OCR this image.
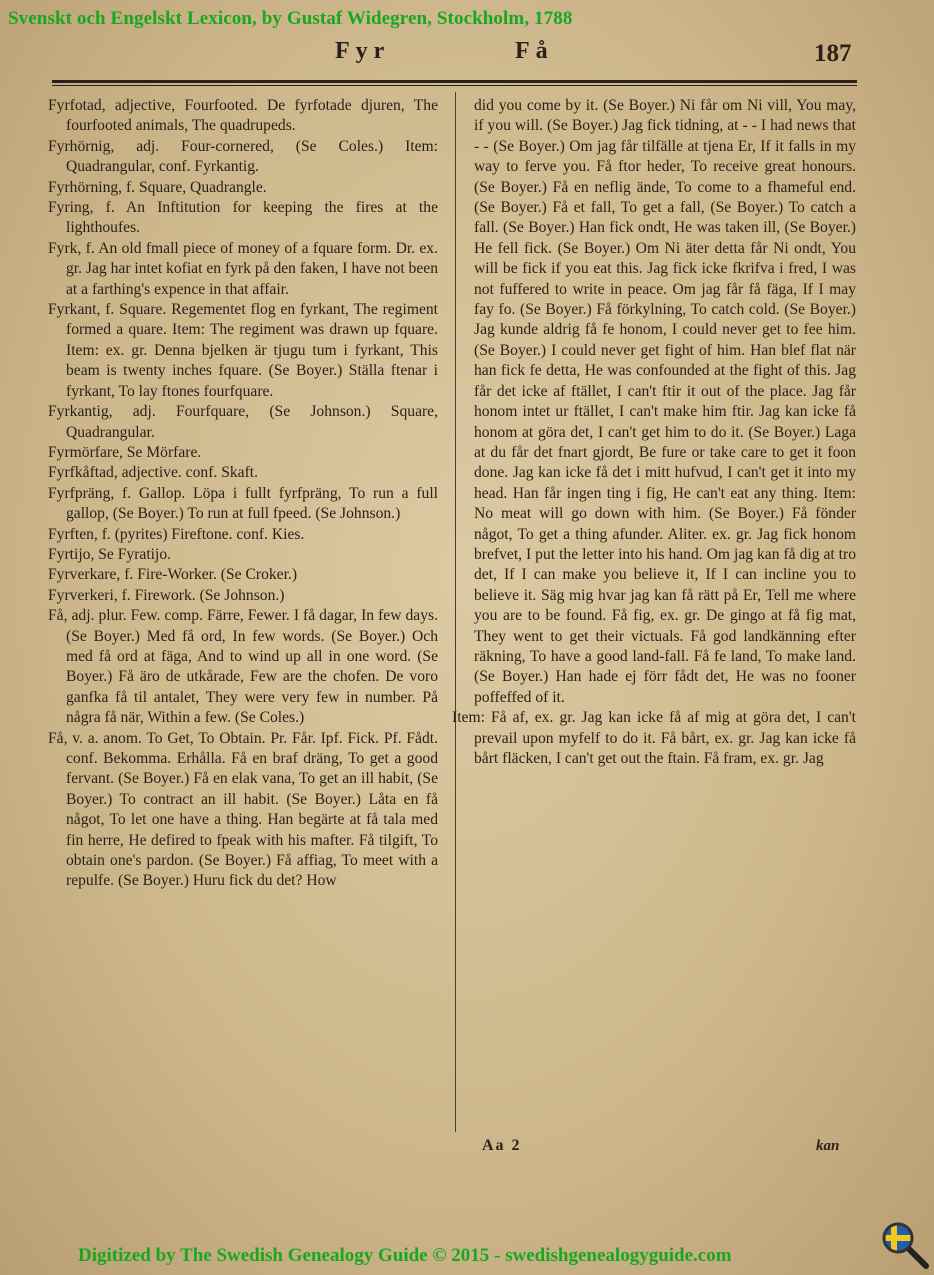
Svenskt och Engelskt Lexicon, by Gustaf Widegren, Stockholm, 1788
Fyr	Få	187

Fyrfotad, adjective, Fourfooted. De fyrfotade djuren, The fourfooted animals, The quadrupeds.

Fyrhörnig, adj. Four-cornered, (Se Coles.) Item: Quadrangular, conf. Fyrkantig.

Fyrhörning, f. Square, Quadrangle.

Fyring, f. An Inftitution for keeping the fires at the lighthoufes.

Fyrk, f. An old fmall piece of money of a fquare form. Dr. ex. gr. Jag har intet kofiat en fyrk på den faken, I have not been at a farthing's expence in that affair.

Fyrkant, f. Square. Regementet flog en fyrkant, The regiment formed a quare. Item: The regiment was drawn up fquare. Item: ex. gr. Denna bjelken är tjugu tum i fyrkant, This beam is twenty inches fquare. (Se Boyer.) Ställa ftenar i fyrkant, To lay ftones fourfquare.

Fyrkantig, adj. Fourfquare, (Se Johnson.) Square, Quadrangular.

Fyrmörfare, Se Mörfare.

Fyrfkåftad, adjective. conf. Skaft.

Fyrfpräng, f. Gallop. Löpa i fullt fyrfpräng, To run a full gallop, (Se Boyer.) To run at full fpeed. (Se Johnson.)

Fyrften, f. (pyrites) Fireftone. conf. Kies.

Fyrtijo, Se Fyratijo.

Fyrverkare, f. Fire-Worker. (Se Croker.)

Fyrverkeri, f. Firework. (Se Johnson.)

Få, adj. plur. Few. comp. Färre, Fewer. I få dagar, In few days. (Se Boyer.) Med få ord, In few words. (Se Boyer.) Och med få ord at fäga, And to wind up all in one word. (Se Boyer.) Få äro de utkårade, Few are the chofen. De voro ganfka få til antalet, They were very few in number. På några få när, Within a few. (Se Coles.)

Få, v. a. anom. To Get, To Obtain. Pr. Får. Ipf. Fick. Pf. Fådt. conf. Bekomma. Erhålla. Få en braf dräng, To get a good fervant. (Se Boyer.) Få en elak vana, To get an ill habit, (Se Boyer.) To contract an ill habit. (Se Boyer.) Låta en få något, To let one have a thing. Han begärte at få tala med fin herre, He defired to fpeak with his mafter. Få tilgift, To obtain one's pardon. (Se Boyer.) Få affiag, To meet with a repulfe. (Se Boyer.) Huru fick du det? How

did you come by it. (Se Boyer.) Ni får om Ni vill, You may, if you will. (Se Boyer.) Jag fick tidning, at - - I had news that - - (Se Boyer.) Om jag får tilfälle at tjena Er, If it falls in my way to ferve you. Få ftor heder, To receive great honours. (Se Boyer.) Få en neflig ände, To come to a fhameful end. (Se Boyer.) Få et fall, To get a fall, (Se Boyer.) To catch a fall. (Se Boyer.) Han fick ondt, He was taken ill, (Se Boyer.) He fell fick. (Se Boyer.) Om Ni äter detta får Ni ondt, You will be fick if you eat this. Jag fick icke fkrifva i fred, I was not fuffered to write in peace. Om jag får få fäga, If I may fay fo. (Se Boyer.) Få förkylning, To catch cold. (Se Boyer.) Jag kunde aldrig få fe honom, I could never get to fee him. (Se Boyer.) I could never get fight of him. Han blef flat när han fick fe detta, He was confounded at the fight of this. Jag får det icke af ftället, I can't ftir it out of the place. Jag får honom intet ur ftället, I can't make him ftir. Jag kan icke få honom at göra det, I can't get him to do it. (Se Boyer.) Laga at du får det fnart gjordt, Be fure or take care to get it foon done. Jag kan icke få det i mitt hufvud, I can't get it into my head. Han får ingen ting i fig, He can't eat any thing. Item: No meat will go down with him. (Se Boyer.) Få fönder något, To get a thing afunder. Aliter. ex. gr. Jag fick honom brefvet, I put the letter into his hand. Om jag kan få dig at tro det, If I can make you believe it, If I can incline you to believe it. Säg mig hvar jag kan få rätt på Er, Tell me where you are to be found. Få fig, ex. gr. De gingo at få fig mat, They went to get their victuals. Få god landkänning efter räkning, To have a good land-fall. Få fe land, To make land. (Se Boyer.) Han hade ej förr fådt det, He was no fooner poffeffed of it.

Item: Få af, ex. gr. Jag kan icke få af mig at göra det, I can't prevail upon myfelf to do it. Få bårt, ex. gr. Jag kan icke få bårt fläcken, I can't get out the ftain. Få fram, ex. gr. Jag

Aa 2	kan
Digitized by The Swedish Genealogy Guide © 2015 - swedishgenealogyguide.com
